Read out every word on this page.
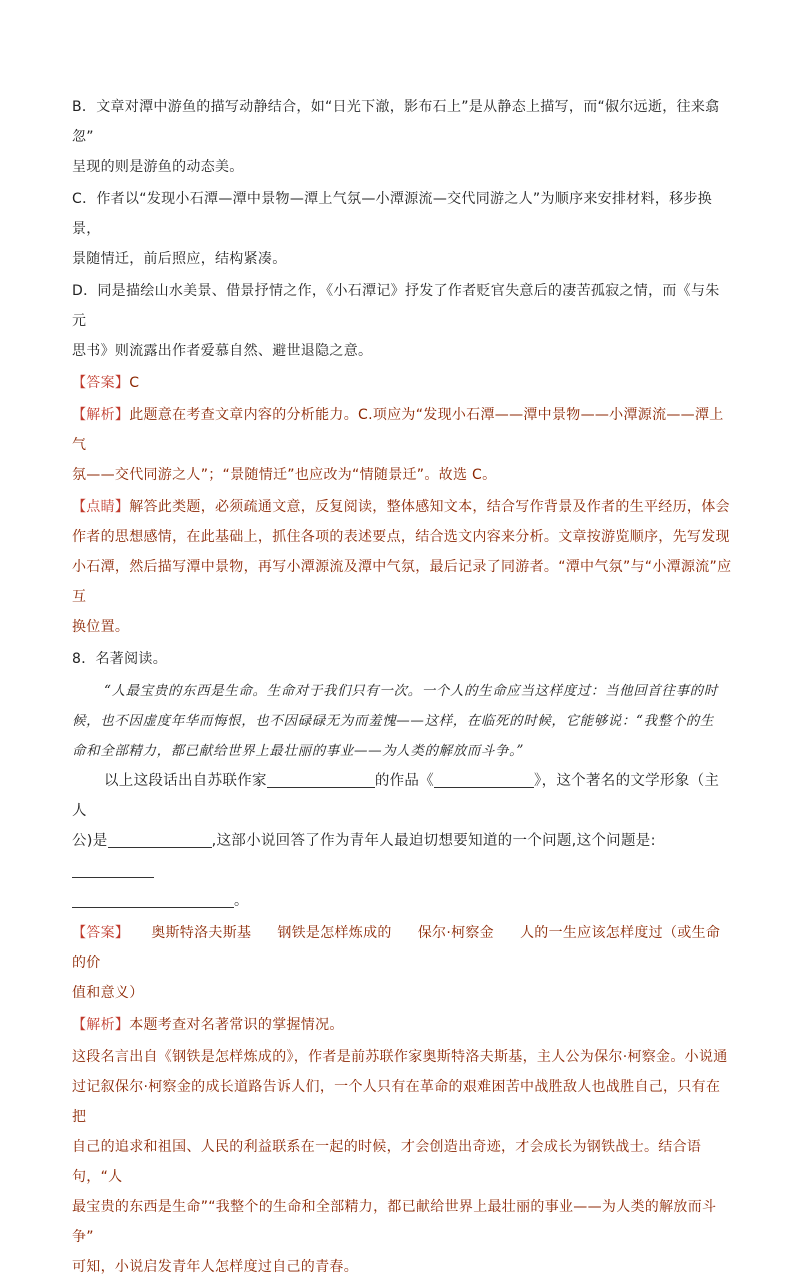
B．文章对潭中游鱼的描写动静结合，如“日光下澈，影布石上”是从静态上描写，而“俶尔远逝，往来翕忽”

呈现的则是游鱼的动态美。

C．作者以“发现小石潭—潭中景物—潭上气氛—小潭源流—交代同游之人”为顺序来安排材料，移步换景，

景随情迁，前后照应，结构紧凑。

D．同是描绘山水美景、借景抒情之作，《小石潭记》抒发了作者贬官失意后的凄苦孤寂之情，而《与朱元

思书》则流露出作者爱慕自然、避世退隐之意。

【答案】C

【解析】此题意在考查文章内容的分析能力。C.项应为“发现小石潭——潭中景物——小潭源流——潭上气

氛——交代同游之人”；“景随情迁”也应改为“情随景迁”。故选 C。

【点睛】解答此类题，必须疏通文意，反复阅读，整体感知文本，结合写作背景及作者的生平经历，体会

作者的思想感情，在此基础上，抓住各项的表述要点，结合选文内容来分析。文章按游览顺序，先写发现

小石潭，然后描写潭中景物，再写小潭源流及潭中气氛，最后记录了同游者。“潭中气氛”与“小潭源流”应互

换位置。

8．名著阅读。

“人最宝贵的东西是生命。生命对于我们只有一次。一个人的生命应当这样度过：当他回首往事的时

候，也不因虚度年华而悔恨，也不因碌碌无为而羞愧——这样，在临死的时候，它能够说：“我整个的生

命和全部精力，都已献给世界上最壮丽的事业——为人类的解放而斗争。”

以上这段话出自苏联作家	的作品《	》，这个著名的文学形象（主人

公)是	,这部小说回答了作为青年人最迫切想要知道的一个问题,这个问题是:

。

【答案】 奥斯特洛夫斯基 钢铁是怎样炼成的 保尔·柯察金 人的一生应该怎样度过（或生命的价

值和意义）

【解析】本题考查对名著常识的掌握情况。

这段名言出自《钢铁是怎样炼成的》，作者是前苏联作家奥斯特洛夫斯基，主人公为保尔·柯察金。小说通

过记叙保尔·柯察金的成长道路告诉人们，一个人只有在革命的艰难困苦中战胜敌人也战胜自己，只有在把

自己的追求和祖国、人民的利益联系在一起的时候，才会创造出奇迹，才会成长为钢铁战士。结合语句，“人

最宝贵的东西是生命”“我整个的生命和全部精力，都已献给世界上最壮丽的事业——为人类的解放而斗争”

可知，小说启发青年人怎样度过自己的青春。
